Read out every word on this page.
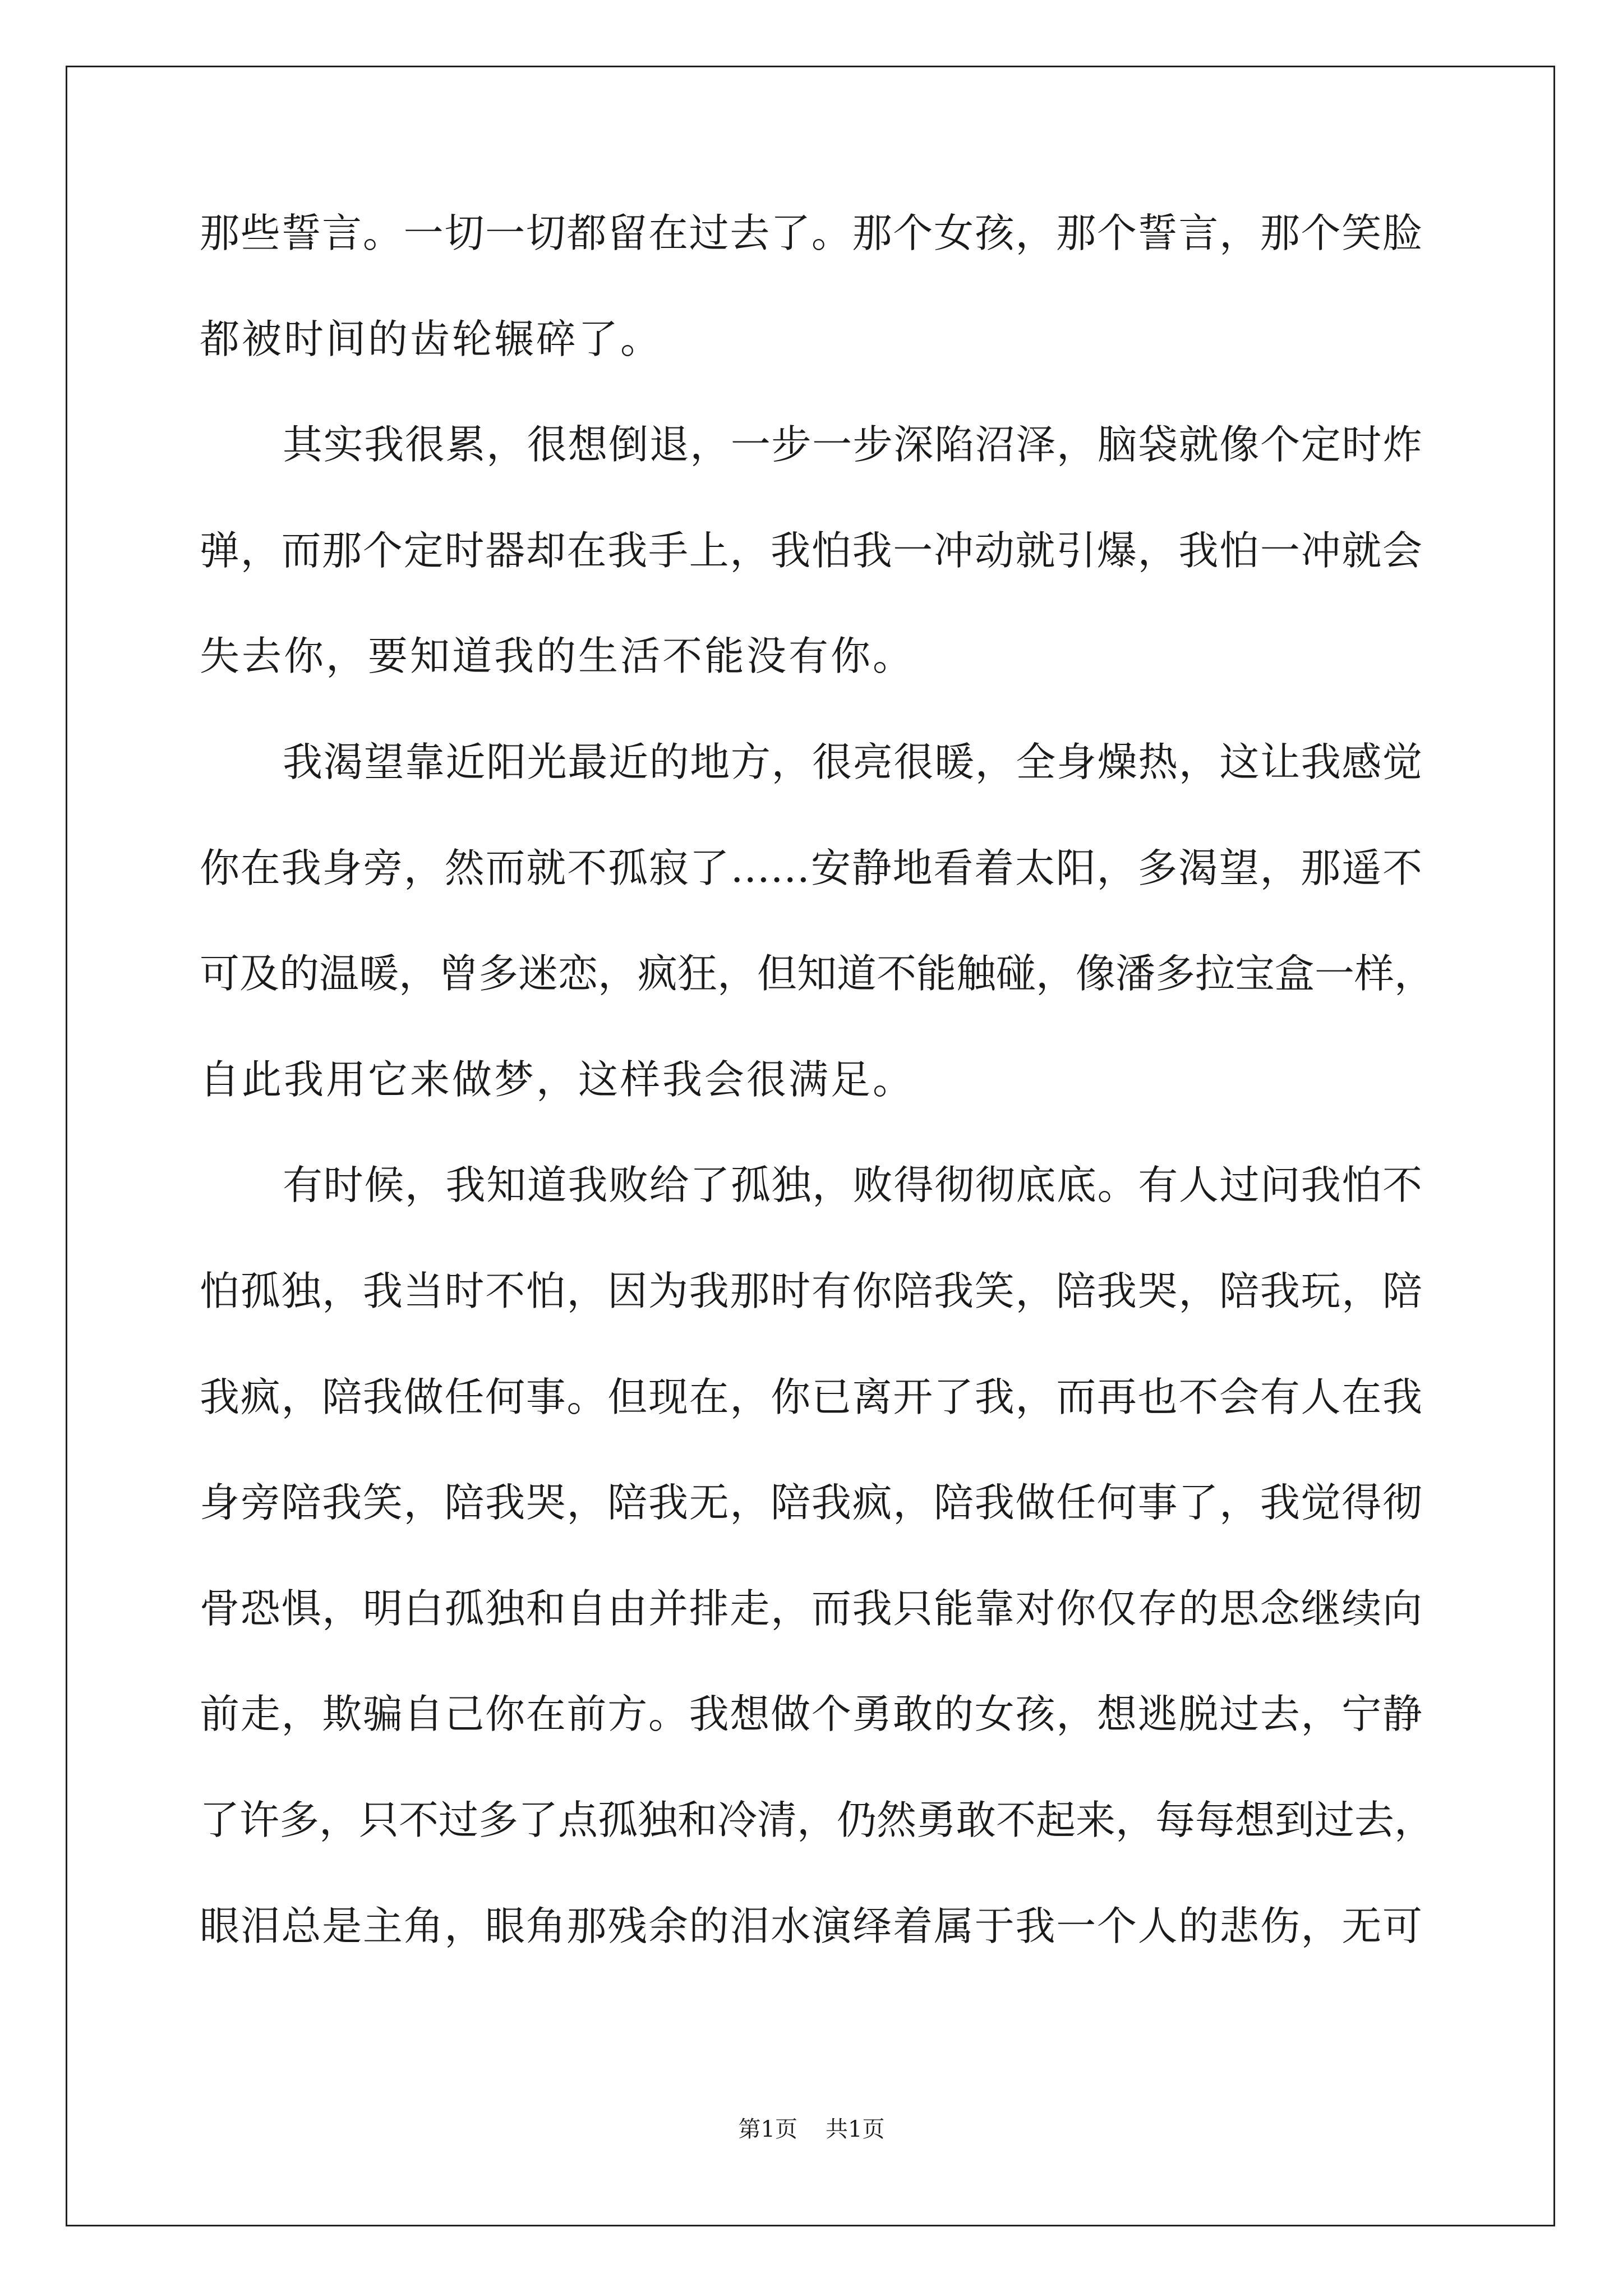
那些誓言。一切一切都留在过去了。那个女孩，那个誓言，那个笑脸
都被时间的齿轮辗碎了。
其实我很累，很想倒退，一步一步深陷沼泽，脑袋就像个定时炸
弹，而那个定时器却在我手上，我怕我一冲动就引爆，我怕一冲就会
失去你，要知道我的生活不能没有你。
我渴望靠近阳光最近的地方，很亮很暖，全身燥热，这让我感觉
你在我身旁，然而就不孤寂了……安静地看着太阳，多渴望，那遥不
可及的温暖，曾多迷恋，疯狂，但知道不能触碰，像潘多拉宝盒一样，
自此我用它来做梦，这样我会很满足。
有时候，我知道我败给了孤独，败得彻彻底底。有人过问我怕不
怕孤独，我当时不怕，因为我那时有你陪我笑，陪我哭，陪我玩，陪
我疯，陪我做任何事。但现在，你已离开了我，而再也不会有人在我
身旁陪我笑，陪我哭，陪我无，陪我疯，陪我做任何事了，我觉得彻
骨恐惧，明白孤独和自由并排走，而我只能靠对你仅存的思念继续向
前走，欺骗自己你在前方。我想做个勇敢的女孩，想逃脱过去，宁静
了许多，只不过多了点孤独和冷清，仍然勇敢不起来，每每想到过去，
眼泪总是主角，眼角那残余的泪水演绎着属于我一个人的悲伤，无可
第1页 共1页
